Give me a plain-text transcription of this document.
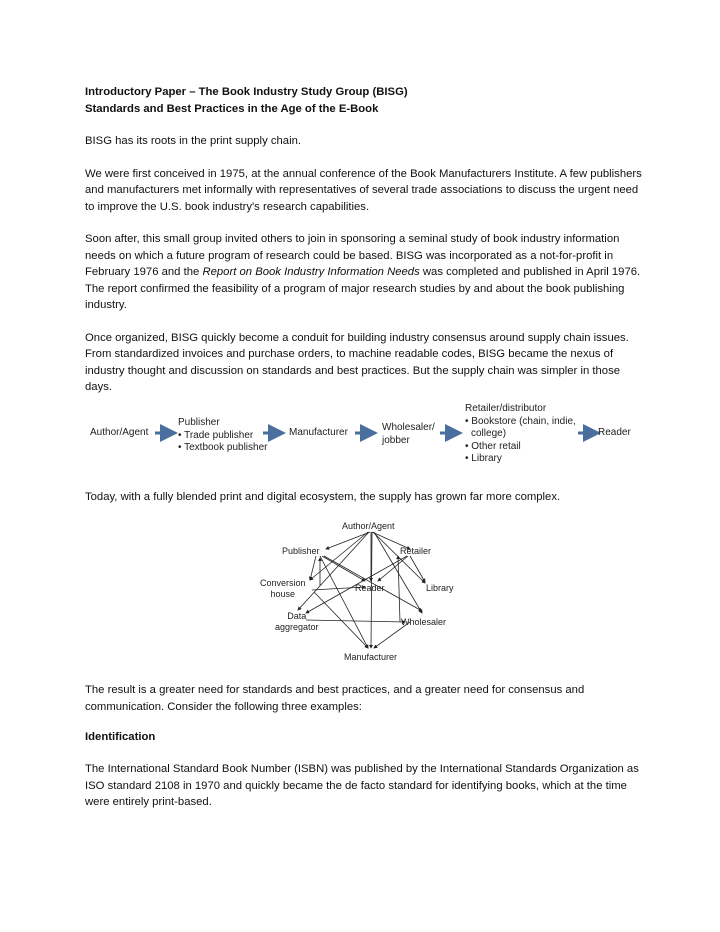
Introductory Paper – The Book Industry Study Group (BISG)

Standards and Best Practices in the Age of the E-Book

BISG has its roots in the print supply chain.

We were first conceived in 1975, at the annual conference of the Book Manufacturers Institute. A few publishers and manufacturers met informally with representatives of several trade associations to discuss the urgent need to improve the U.S. book industry's research capabilities.

Soon after, this small group invited others to join in sponsoring a seminal study of book industry information needs on which a future program of research could be based. BISG was incorporated as a not-for-profit in February 1976 and the Report on Book Industry Information Needs was completed and published in April 1976. The report confirmed the feasibility of a program of major research studies by and about the book publishing industry.

Once organized, BISG quickly become a conduit for building industry consensus around supply chain issues. From standardized invoices and purchase orders, to machine readable codes, BISG became the nexus of industry thought and discussion on standards and best practices. But the supply chain was simpler in those days.

Author/Agent
Publisher
• Trade publisher
• Textbook publisher
Manufacturer	Wholesaler/
jobber
Retailer/distributor
• Bookstore (chain, indie,
college)
• Other retail
• Library
Reader
Today, with a fully blended print and digital ecosystem, the supply has grown far more complex.
Author/Agent
Publisher	Retailer
Conversion
house
Reader	Library
Data
aggregator	Wholesaler
Manufacturer
The result is a greater need for standards and best practices, and a greater need for consensus and communication. Consider the following three examples:
Identification
The International Standard Book Number (ISBN) was published by the International Standards Organization as ISO standard 2108 in 1970 and quickly became the de facto standard for identifying books, which at the time were entirely print-based.
